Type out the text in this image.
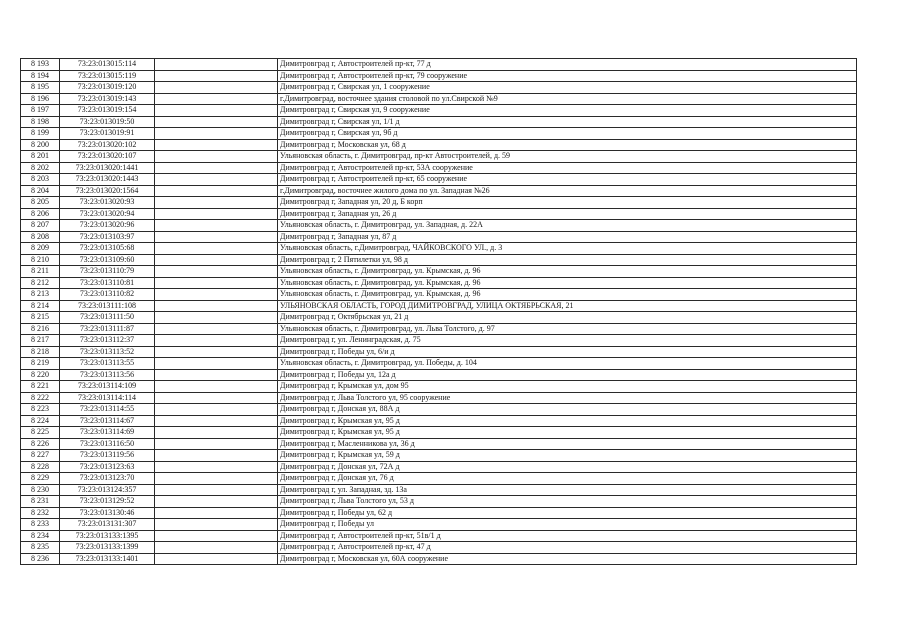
8 193	73:23:013015:114		Димитровград г, Автостроителей пр-кт, 77 д
8 194	73:23:013015:119		Димитровград г, Автостроителей пр-кт, 79 сооружение
8 195	73:23:013019:120		Димитровград г, Свирская ул, 1 сооружение
8 196	73:23:013019:143		г.Димитровград, восточнее здания столовой по ул.Свирской №9
8 197	73:23:013019:154		Димитровград г, Свирская ул, 9 сооружение
8 198	73:23:013019:50		Димитровград г, Свирская ул, 1/1 д
8 199	73:23:013019:91		Димитровград г, Свирская ул, 9б д
8 200	73:23:013020:102		Димитровград г, Московская ул, 68 д
8 201	73:23:013020:107		Ульяновская область, г. Димитровград, пр-кт Автостроителей, д. 59
8 202	73:23:013020:1441		Димитровград г, Автостроителей пр-кт, 53А сооружение
8 203	73:23:013020:1443		Димитровград г, Автостроителей пр-кт, 65 сооружение
8 204	73:23:013020:1564		г.Димитровград, восточнее жилого дома по ул. Западная №26
8 205	73:23:013020:93		Димитровград г, Западная ул, 20 д, Б корп
8 206	73:23:013020:94		Димитровград г, Западная ул, 26 д
8 207	73:23:013020:96		Ульяновская область, г. Димитровград, ул. Западная, д. 22А
8 208	73:23:013103:97		Димитровград г, Западная ул, 87 д
8 209	73:23:013105:68		Ульяновская область, г.Димитровград, ЧАЙКОВСКОГО УЛ., д. 3
8 210	73:23:013109:60		Димитровград г, 2 Пятилетки ул, 98 д
8 211	73:23:013110:79		Ульяновская область, г. Димитровград, ул. Крымская, д. 96
8 212	73:23:013110:81		Ульяновская область, г. Димитровград, ул. Крымская, д. 96
8 213	73:23:013110:82		Ульяновская область, г. Димитровград, ул. Крымская, д. 96
8 214	73:23:013111:108		УЛЬЯНОВСКАЯ ОБЛАСТЬ, ГОРОД ДИМИТРОВГРАД, УЛИЦА ОКТЯБРЬСКАЯ, 21
8 215	73:23:013111:50		Димитровград г, Октябрьская ул, 21 д
8 216	73:23:013111:87		Ульяновская область, г. Димитровград, ул. Льва Толстого, д. 97
8 217	73:23:013112:37		Димитровград г, ул. Ленинградская, д. 75
8 218	73:23:013113:52		Димитровград г, Победы ул, 6/и д
8 219	73:23:013113:55		Ульяновская область, г. Димитровград, ул. Победы, д. 104
8 220	73:23:013113:56		Димитровград г, Победы ул, 12а д
8 221	73:23:013114:109		Димитровград г, Крымская ул, дом 95
8 222	73:23:013114:114		Димитровград г, Льва Толстого ул, 95 сооружение
8 223	73:23:013114:55		Димитровград г, Донская ул, 88А д
8 224	73:23:013114:67		Димитровград г, Крымская ул, 95 д
8 225	73:23:013114:69		Димитровград г, Крымская ул, 95 д
8 226	73:23:013116:50		Димитровград г, Масленникова ул, 36 д
8 227	73:23:013119:56		Димитровград г, Крымская ул, 59 д
8 228	73:23:013123:63		Димитровград г, Донская ул, 72А д
8 229	73:23:013123:70		Димитровград г, Донская ул, 76 д
8 230	73:23:013124:357		Димитровград г, ул. Западная, зд. 13а
8 231	73:23:013129:52		Димитровград г, Льва Толстого ул, 53 д
8 232	73:23:013130:46		Димитровград г, Победы ул, 62 д
8 233	73:23:013131:307		Димитровград г, Победы ул
8 234	73:23:013133:1395		Димитровград г, Автостроителей пр-кт, 51в/1 д
8 235	73:23:013133:1399		Димитровград г, Автостроителей пр-кт, 47 д
8 236	73:23:013133:1401		Димитровград г, Московская ул, 60А сооружение
